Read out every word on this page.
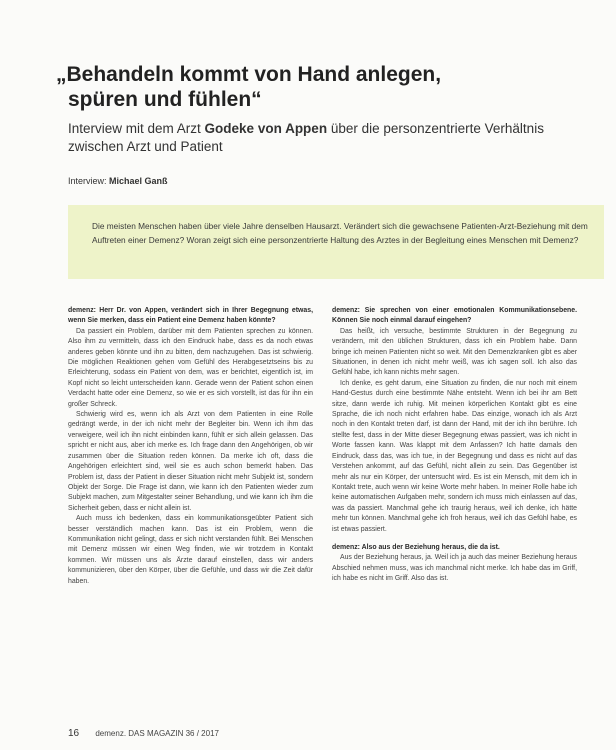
„Behandeln kommt von Hand anlegen,
spüren und fühlen“

Interview mit dem Arzt Godeke von Appen über die personzentrierte Verhältnis zwischen Arzt und Patient

Interview: Michael Ganß

Die meisten Menschen haben über viele Jahre denselben Hausarzt. Verändert sich die gewachsene Patienten-Arzt-Beziehung mit dem Auftreten einer Demenz? Woran zeigt sich eine personzentrierte Haltung des Arztes in der Begleitung eines Menschen mit Demenz?

demenz: Herr Dr. von Appen, verändert sich in Ihrer Begegnung etwas, wenn Sie merken, dass ein Patient eine Demenz haben könnte?

Da passiert ein Problem, darüber mit dem Patienten sprechen zu können. Also ihm zu vermitteln, dass ich den Eindruck habe, dass es da noch etwas anderes geben könnte und ihn zu bitten, dem nachzugehen. Das ist schwierig. Die möglichen Reaktionen gehen vom Gefühl des Herabgesetztseins bis zu Erleichterung, sodass ein Patient von dem, was er berichtet, eigentlich ist, im Kopf nicht so leicht unterscheiden kann. Gerade wenn der Patient schon einen Verdacht hatte oder eine Demenz, so wie er es sich vorstellt, ist das für ihn ein großer Schreck.

Schwierig wird es, wenn ich als Arzt von dem Patienten in eine Rolle gedrängt werde, in der ich nicht mehr der Begleiter bin. Wenn ich ihm das verweigere, weil ich ihn nicht einbinden kann, fühlt er sich allein gelassen. Das spricht er nicht aus, aber ich merke es. Ich frage dann den Angehörigen, ob wir zusammen über die Situation reden können. Da merke ich oft, dass die Angehörigen erleichtert sind, weil sie es auch schon bemerkt haben. Das Problem ist, dass der Patient in dieser Situation nicht mehr Subjekt ist, sondern Objekt der Sorge. Die Frage ist dann, wie kann ich den Patienten wieder zum Subjekt machen, zum Mitgestalter seiner Behandlung, und wie kann ich ihm die Sicherheit geben, dass er nicht allein ist.

Auch muss ich bedenken, dass ein kommunikationsgeübter Patient sich besser verständlich machen kann. Das ist ein Problem, wenn die Kommunikation nicht gelingt, dass er sich nicht verstanden fühlt. Bei Menschen mit Demenz müssen wir einen Weg finden, wie wir trotzdem in Kontakt kommen. Wir müssen uns als Ärzte darauf einstellen, dass wir anders kommunizieren, über den Körper, über die Gefühle, und dass wir die Zeit dafür haben.

demenz: Sie sprechen von einer emotionalen Kommunikationsebene. Können Sie noch einmal darauf eingehen?

Das heißt, ich versuche, bestimmte Strukturen in der Begegnung zu verändern, mit den üblichen Strukturen, dass ich ein Problem habe. Dann bringe ich meinen Patienten nicht so weit. Mit den Demenzkranken gibt es aber Situationen, in denen ich nicht mehr weiß, was ich sagen soll. Ich also das Gefühl habe, ich kann nichts mehr sagen.

Ich denke, es geht darum, eine Situation zu finden, die nur noch mit einem Hand-Gestus durch eine bestimmte Nähe entsteht. Wenn ich bei ihr am Bett sitze, dann werde ich ruhig. Mit meinen körperlichen Kontakt gibt es eine Sprache, die ich noch nicht erfahren habe. Das einzige, wonach ich als Arzt noch in den Kontakt treten darf, ist dann der Hand, mit der ich ihn berühre. Ich stellte fest, dass in der Mitte dieser Begegnung etwas passiert, was ich nicht in Worte fassen kann. Was klappt mit dem Anfassen? Ich hatte damals den Eindruck, dass das, was ich tue, in der Begegnung und dass es nicht auf das Verstehen ankommt, auf das Gefühl, nicht allein zu sein. Das Gegenüber ist mehr als nur ein Körper, der untersucht wird. Es ist ein Mensch, mit dem ich in Kontakt trete, auch wenn wir keine Worte mehr haben. In meiner Rolle habe ich keine automatischen Aufgaben mehr, sondern ich muss mich einlassen auf das, was da passiert. Manchmal gehe ich traurig heraus, weil ich denke, ich hätte mehr tun können. Manchmal gehe ich froh heraus, weil ich das Gefühl habe, es ist etwas passiert.

demenz: Also aus der Beziehung heraus, die da ist.

Aus der Beziehung heraus, ja. Weil ich ja auch das meiner Beziehung heraus Abschied nehmen muss, was ich manchmal nicht merke. Ich habe das im Griff, ich habe es nicht im Griff. Also das ist.

16 demenz. DAS MAGAZIN 36 / 2017
